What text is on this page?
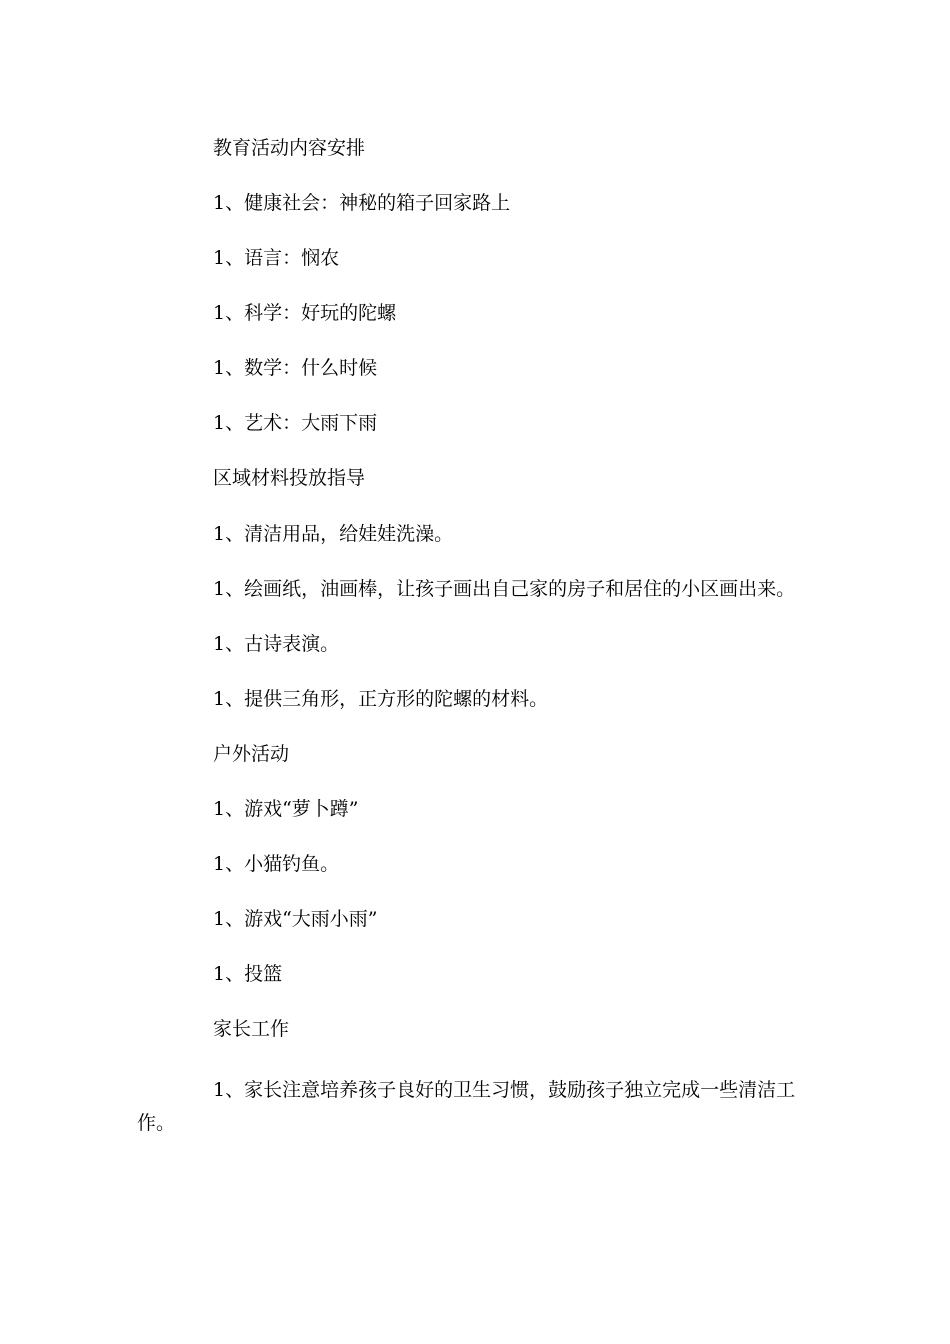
教育活动内容安排
1、健康社会：神秘的箱子回家路上
1、语言：悯农
1、科学：好玩的陀螺
1、数学：什么时候
1、艺术：大雨下雨
区域材料投放指导
1、清洁用品，给娃娃洗澡。
1、绘画纸，油画棒，让孩子画出自己家的房子和居住的小区画出来。
1、古诗表演。
1、提供三角形，正方形的陀螺的材料。
户外活动
1、游戏“萝卜蹲”
1、小猫钓鱼。
1、游戏“大雨小雨”
1、投篮
家长工作
1、家长注意培养孩子良好的卫生习惯，鼓励孩子独立完成一些清洁工作。
